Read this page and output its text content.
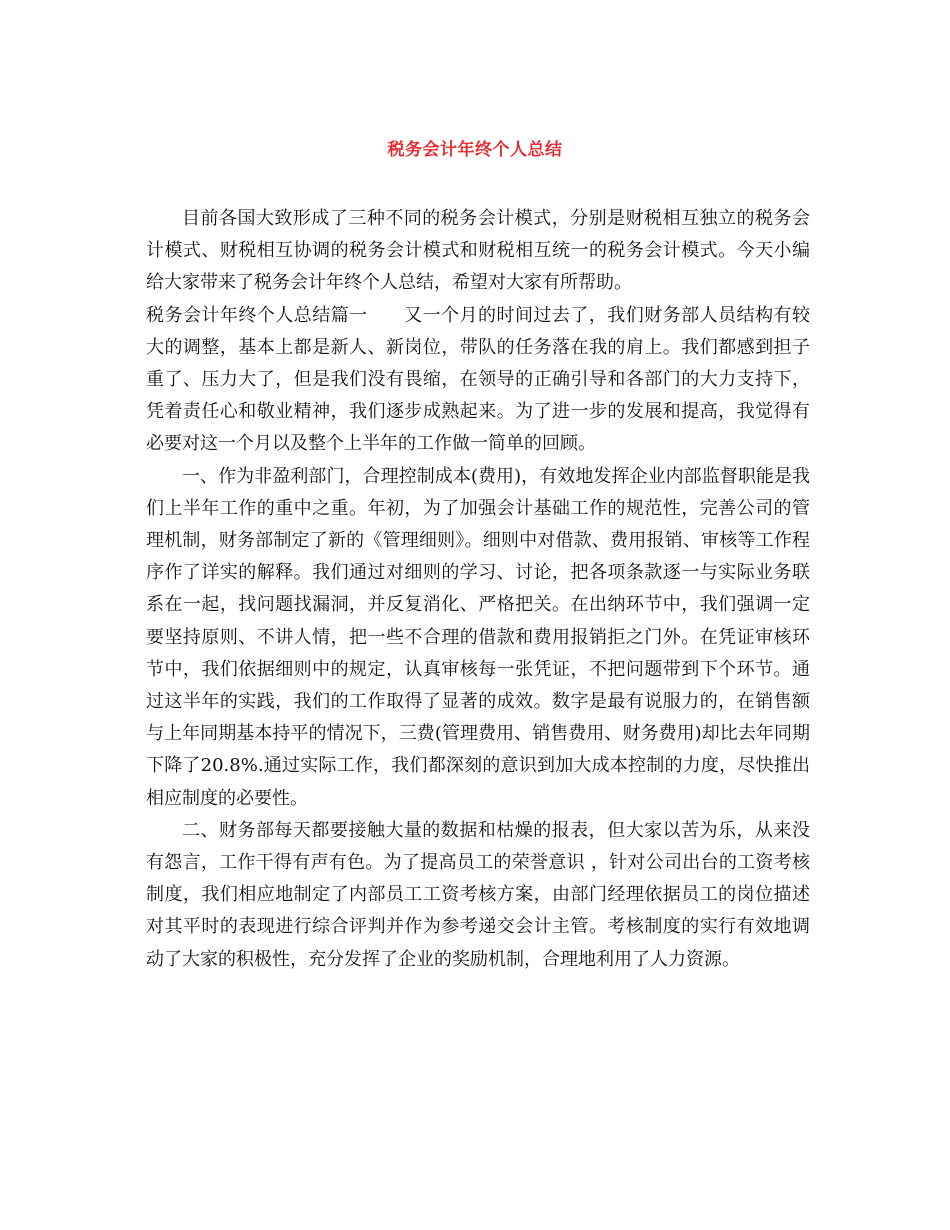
税务会计年终个人总结

目前各国大致形成了三种不同的税务会计模式，分别是财税相互独立的税务会计模式、财税相互协调的税务会计模式和财税相互统一的税务会计模式。今天小编给大家带来了税务会计年终个人总结，希望对大家有所帮助。

税务会计年终个人总结篇一 又一个月的时间过去了，我们财务部人员结构有较大的调整，基本上都是新人、新岗位，带队的任务落在我的肩上。我们都感到担子重了、压力大了，但是我们没有畏缩，在领导的正确引导和各部门的大力支持下，凭着责任心和敬业精神，我们逐步成熟起来。为了进一步的发展和提高，我觉得有必要对这一个月以及整个上半年的工作做一简单的回顾。

一、作为非盈利部门，合理控制成本(费用)，有效地发挥企业内部监督职能是我们上半年工作的重中之重。年初，为了加强会计基础工作的规范性，完善公司的管理机制，财务部制定了新的《管理细则》。细则中对借款、费用报销、审核等工作程序作了详实的解释。我们通过对细则的学习、讨论，把各项条款逐一与实际业务联系在一起，找问题找漏洞，并反复消化、严格把关。在出纳环节中，我们强调一定要坚持原则、不讲人情，把一些不合理的借款和费用报销拒之门外。在凭证审核环节中，我们依据细则中的规定，认真审核每一张凭证，不把问题带到下个环节。通过这半年的实践，我们的工作取得了显著的成效。数字是最有说服力的，在销售额与上年同期基本持平的情况下，三费(管理费用、销售费用、财务费用)却比去年同期下降了20.8%.通过实际工作，我们都深刻的意识到加大成本控制的力度，尽快推出相应制度的必要性。

二、财务部每天都要接触大量的数据和枯燥的报表，但大家以苦为乐，从来没有怨言，工作干得有声有色。为了提高员工的荣誉意识 ，针对公司出台的工资考核制度，我们相应地制定了内部员工工资考核方案，由部门经理依据员工的岗位描述对其平时的表现进行综合评判并作为参考递交会计主管。考核制度的实行有效地调动了大家的积极性，充分发挥了企业的奖励机制，合理地利用了人力资源。
